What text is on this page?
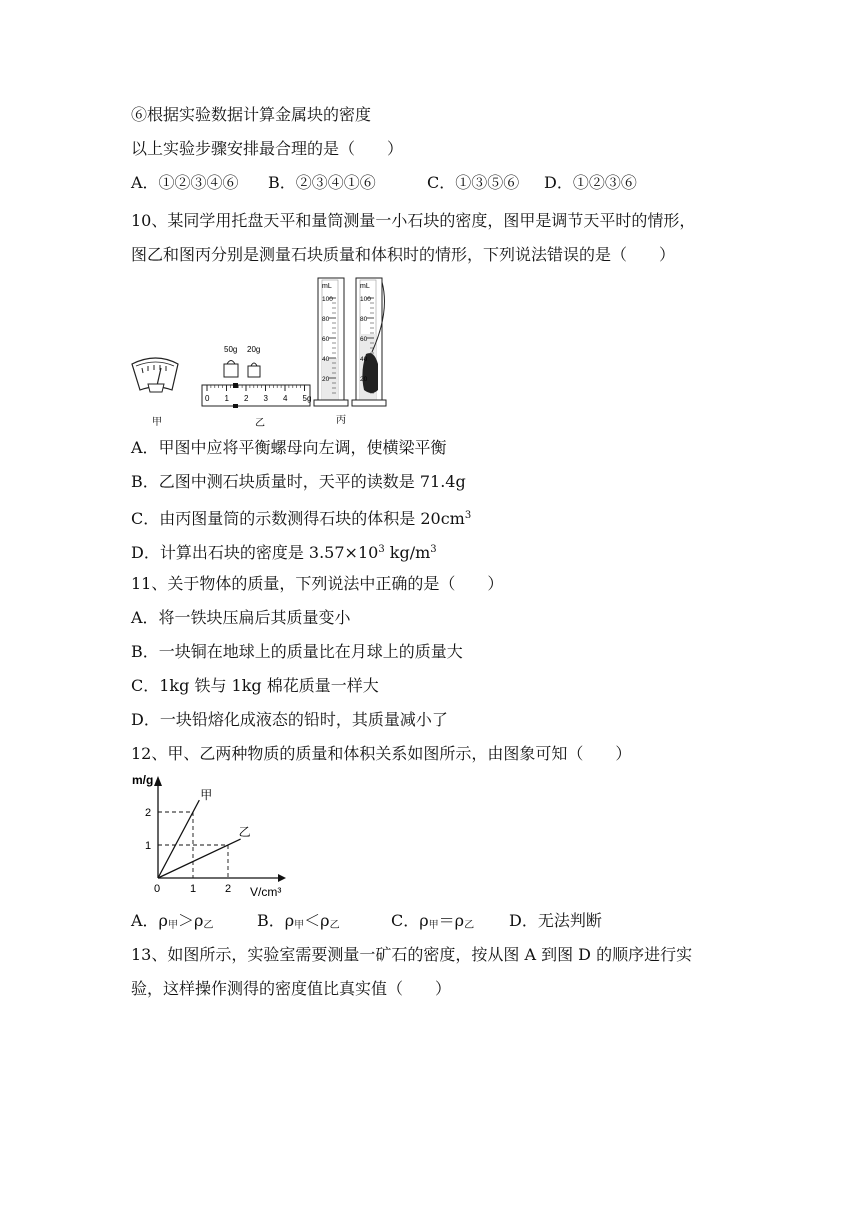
⑥根据实验数据计算金属块的密度
以上实验步骤安排最合理的是（　　）
A．①②③④⑥ B．②③④①⑥	C．①③⑤⑥ D．①②③⑥
10、某同学用托盘天平和量筒测量一小石块的密度，图甲是调节天平时的情形，
图乙和图丙分别是测量石块质量和体积时的情形，下列说法错误的是（　　）
甲
50g 20g
0 1 2 3 4 5g
乙
100
80
60
40
20
mL
100
80
60
40
20
mL
丙
A．甲图中应将平衡螺母向左调，使横梁平衡
B．乙图中测石块质量时，天平的读数是 71.4g
C．由丙图量筒的示数测得石块的体积是 $20cm^3$
D．计算出石块的密度是 $3.57\times 10^3$ $kg/m^3$
11、关于物体的质量，下列说法中正确的是（　　）
A．将一铁块压扁后其质量变小
B．一块铜在地球上的质量比在月球上的质量大
C．1kg 铁与 1kg 棉花质量一样大
D．一块铅熔化成液态的铅时，其质量减小了
12、甲、乙两种物质的质量和体积关系如图所示，由图象可知（　　）
甲
乙
0	1	2
1
2
m/g
V/cm³
A．ρ甲＞ρ乙	B．ρ甲＜ρ乙	C．ρ甲＝ρ乙 D．无法判断
13、如图所示，实验室需要测量一矿石的密度，按从图 A 到图 D 的顺序进行实
验，这样操作测得的密度值比真实值（　　）
